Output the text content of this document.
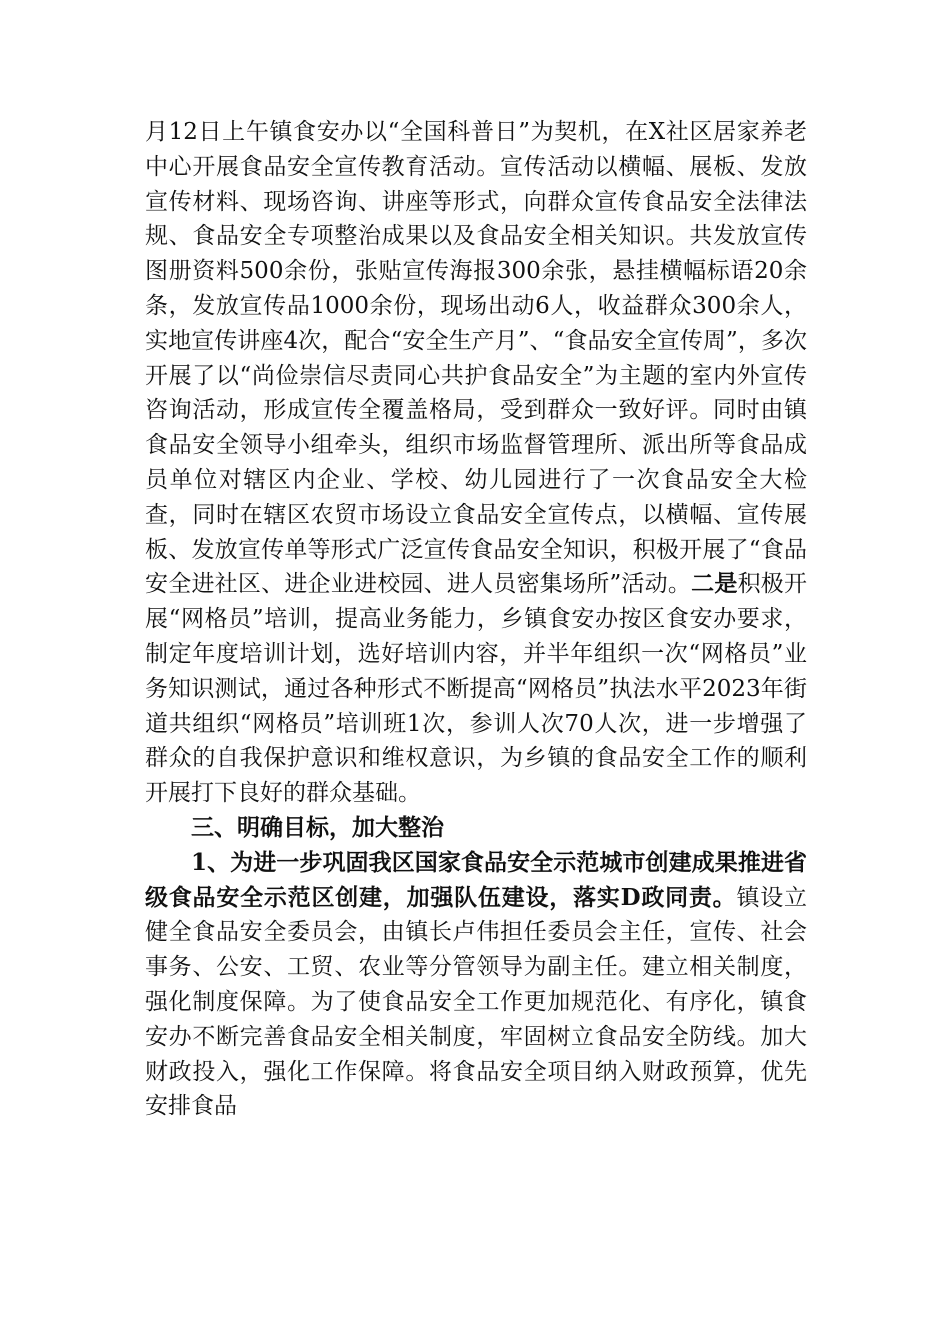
月12日上午镇食安办以“全国科普日”为契机，在X社区居家养老中心开展食品安全宣传教育活动。宣传活动以横幅、展板、发放宣传材料、现场咨询、讲座等形式，向群众宣传食品安全法律法规、食品安全专项整治成果以及食品安全相关知识。共发放宣传图册资料500余份，张贴宣传海报300余张，悬挂横幅标语20余条，发放宣传品1000余份，现场出动6人，收益群众300余人，实地宣传讲座4次，配合“安全生产月”、“食品安全宣传周”，多次开展了以“尚俭崇信尽责同心共护食品安全”为主题的室内外宣传咨询活动，形成宣传全覆盖格局，受到群众一致好评。同时由镇食品安全领导小组牵头，组织市场监督管理所、派出所等食品成员单位对辖区内企业、学校、幼儿园进行了一次食品安全大检查，同时在辖区农贸市场设立食品安全宣传点，以横幅、宣传展板、发放宣传单等形式广泛宣传食品安全知识，积极开展了“食品安全进社区、进企业进校园、进人员密集场所”活动。二是积极开展“网格员”培训，提高业务能力，乡镇食安办按区食安办要求，制定年度培训计划，选好培训内容，并半年组织一次“网格员”业务知识测试，通过各种形式不断提高“网格员”执法水平2023年街道共组织“网格员”培训班1次，参训人次70人次，进一步增强了群众的自我保护意识和维权意识，为乡镇的食品安全工作的顺利开展打下良好的群众基础。

三、明确目标，加大整治

1、为进一步巩固我区国家食品安全示范城市创建成果推进省级食品安全示范区创建，加强队伍建设，落实D政同责。镇设立健全食品安全委员会，由镇长卢伟担任委员会主任，宣传、社会事务、公安、工贸、农业等分管领导为副主任。建立相关制度，强化制度保障。为了使食品安全工作更加规范化、有序化，镇食安办不断完善食品安全相关制度，牢固树立食品安全防线。加大财政投入，强化工作保障。将食品安全项目纳入财政预算，优先安排食品
